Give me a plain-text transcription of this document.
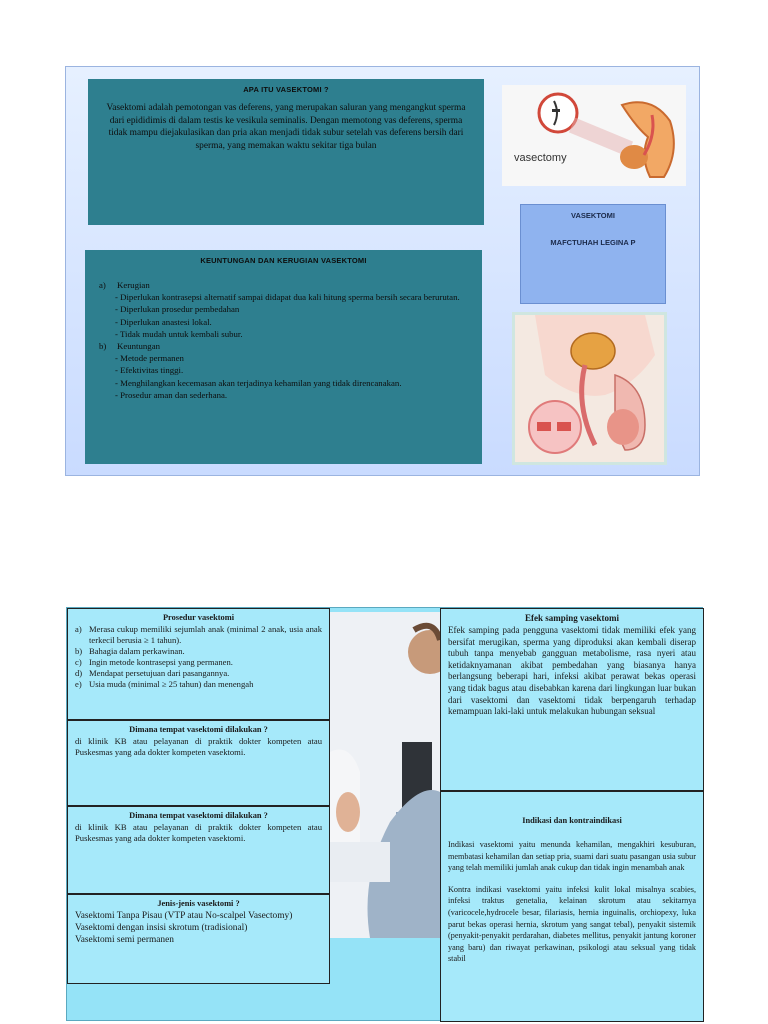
APA ITU VASEKTOMI ?

Vasektomi adalah pemotongan vas deferens, yang merupakan saluran yang mengangkut sperma dari epididimis di dalam testis ke vesikula seminalis. Dengan memotong vas deferens, sperma tidak mampu diejakulasikan dan pria akan menjadi tidak subur setelah vas deferens bersih dari sperma, yang memakan waktu sekitar tiga bulan

KEUNTUNGAN DAN KERUGIAN VASEKTOMI
a)	Kerugian
- Diperlukan kontrasepsi alternatif sampai didapat dua kali hitung sperma bersih secara berurutan.
- Diperlukan prosedur pembedahan
- Diperlukan anastesi lokal.
- Tidak mudah untuk kembali subur.
b)	Keuntungan
- Metode permanen
- Efektivitas tinggi.
- Menghilangkan kecemasan akan terjadinya kehamilan yang tidak direncanakan.
- Prosedur aman dan sederhana.
vasectomy
VASEKTOMI
MAFCTUHAH LEGINA P
Prosedur vasektomi
a) Merasa cukup memiliki sejumlah anak (minimal 2 anak, usia anak terkecil berusia ≥ 1 tahun).
b) Bahagia dalam perkawinan.
c) Ingin metode kontrasepsi yang permanen.
d) Mendapat persetujuan dari pasangannya.
e) Usia muda (minimal ≥ 25 tahun) dan menengah
Dimana tempat vasektomi dilakukan ?
di klinik KB atau pelayanan di praktik dokter kompeten atau Puskesmas yang ada dokter kompeten vasektomi.
Dimana tempat vasektomi dilakukan ?
di klinik KB atau pelayanan di praktik dokter kompeten atau Puskesmas yang ada dokter kompeten vasektomi.
Jenis-jenis vasektomi ?
Vasektomi Tanpa Pisau (VTP atau No-scalpel Vasectomy)
Vasektomi dengan insisi skrotum (tradisional)
Vasektomi semi permanen
Efek samping vasektomi
Efek samping pada pengguna vasektomi tidak memiliki efek yang bersifat merugikan, sperma yang diproduksi akan kembali diserap tubuh tanpa menyebab gangguan metabolisme, rasa nyeri atau ketidaknyamanan akibat pembedahan yang biasanya hanya berlangsung beberapi hari, infeksi akibat perawat bekas operasi yang tidak bagus atau disebabkan karena dari lingkungan luar bukan dari vasektomi dan vasektomi tidak berpengaruh terhadap kemampuan laki-laki untuk melakukan hubungan seksual
Indikasi dan kontraindikasi
Indikasi vasektomi yaitu menunda kehamilan, mengakhiri kesuburan, membatasi kehamilan dan setiap pria, suami dari suatu pasangan usia subur yang telah memiliki jumlah anak cukup dan tidak ingin menambah anak
Kontra indikasi vasektomi yaitu infeksi kulit lokal misalnya scabies, infeksi traktus genetalia, kelainan skrotum atau sekitarnya (varicocele,hydrocele besar, filariasis, hernia inguinalis, orchiopexy, luka parut bekas operasi hernia, skrotum yang sangat tebal), penyakit sistemik (penyakit-penyakit perdarahan, diabetes mellitus, penyakit jantung koroner yang baru) dan riwayat perkawinan, psikologi atau seksual yang tidak stabil
